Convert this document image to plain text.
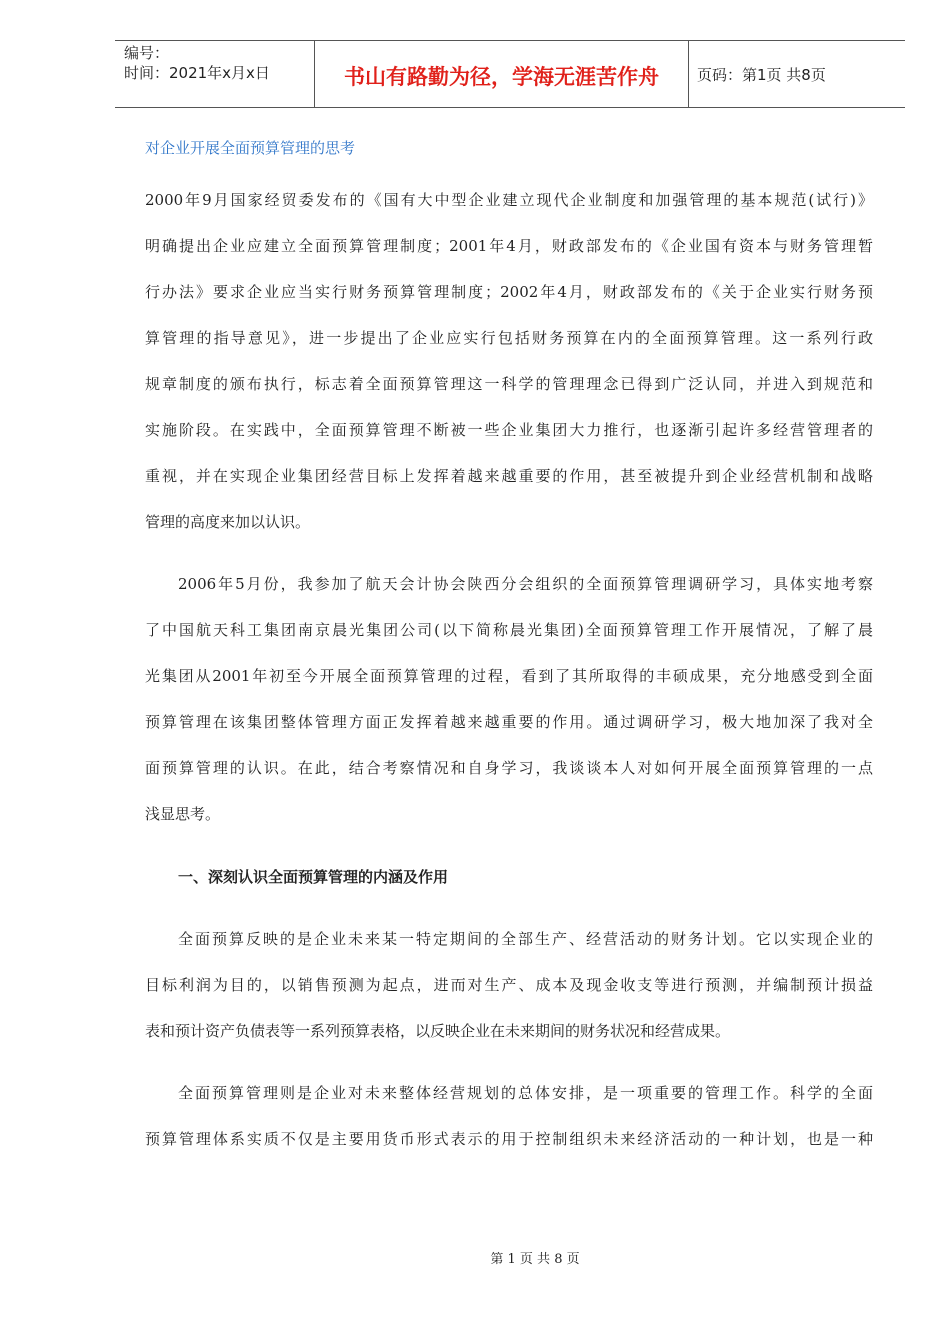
编号：
时间：2021年x月x日	书山有路勤为径，学海无涯苦作舟	页码：第1页 共8页
对企业开展全面预算管理的思考
2000年9月国家经贸委发布的《国有大中型企业建立现代企业制度和加强管理的基本规范(试行)》
明确提出企业应建立全面预算管理制度；2001年4月，财政部发布的《企业国有资本与财务管理暂
行办法》要求企业应当实行财务预算管理制度；2002年4月，财政部发布的《关于企业实行财务预
算管理的指导意见》，进一步提出了企业应实行包括财务预算在内的全面预算管理。这一系列行政
规章制度的颁布执行，标志着全面预算管理这一科学的管理理念已得到广泛认同，并进入到规范和
实施阶段。在实践中，全面预算管理不断被一些企业集团大力推行，也逐渐引起许多经营管理者的
重视，并在实现企业集团经营目标上发挥着越来越重要的作用，甚至被提升到企业经营机制和战略
管理的高度来加以认识。
2006年5月份，我参加了航天会计协会陕西分会组织的全面预算管理调研学习，具体实地考察
了中国航天科工集团南京晨光集团公司(以下简称晨光集团)全面预算管理工作开展情况，了解了晨
光集团从2001年初至今开展全面预算管理的过程，看到了其所取得的丰硕成果，充分地感受到全面
预算管理在该集团整体管理方面正发挥着越来越重要的作用。通过调研学习，极大地加深了我对全
面预算管理的认识。在此，结合考察情况和自身学习，我谈谈本人对如何开展全面预算管理的一点
浅显思考。
一、深刻认识全面预算管理的内涵及作用
全面预算反映的是企业未来某一特定期间的全部生产、经营活动的财务计划。它以实现企业的
目标利润为目的，以销售预测为起点，进而对生产、成本及现金收支等进行预测，并编制预计损益
表和预计资产负债表等一系列预算表格，以反映企业在未来期间的财务状况和经营成果。
全面预算管理则是企业对未来整体经营规划的总体安排，是一项重要的管理工作。科学的全面
预算管理体系实质不仅是主要用货币形式表示的用于控制组织未来经济活动的一种计划，也是一种
第 1 页 共 8 页
